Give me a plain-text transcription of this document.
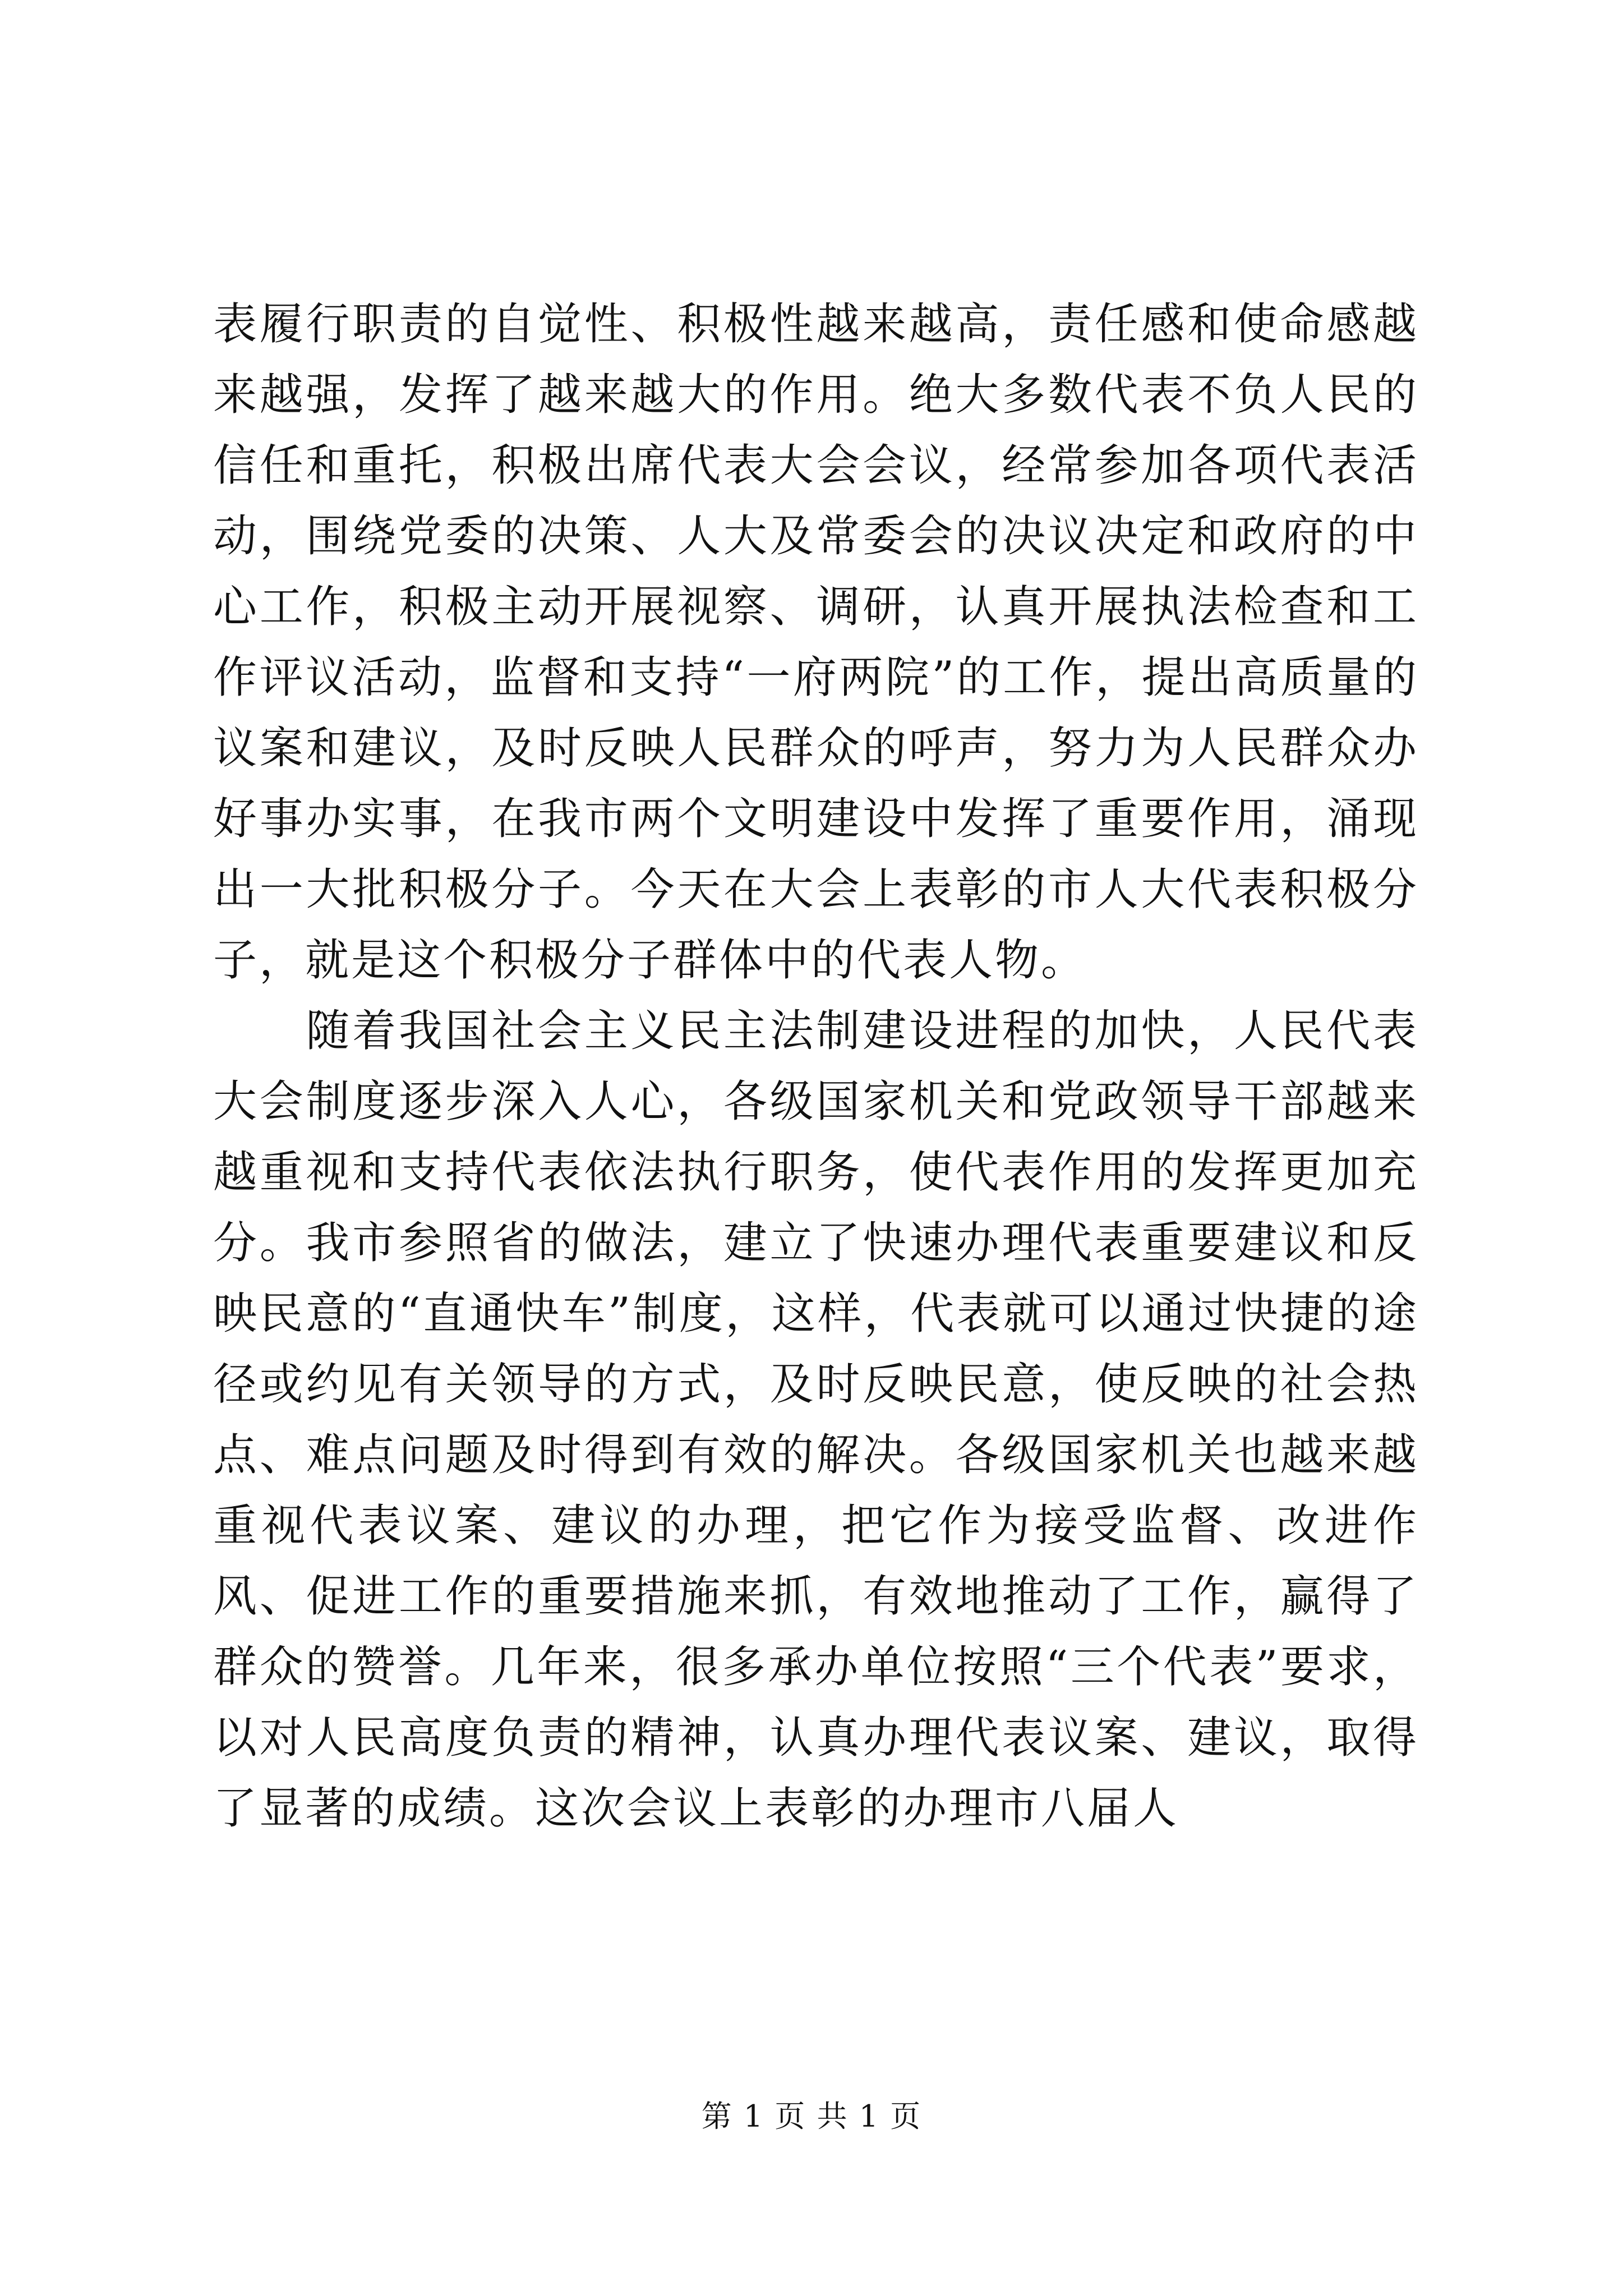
表履行职责的自觉性、积极性越来越高，责任感和使命感越来越强，发挥了越来越大的作用。绝大多数代表不负人民的信任和重托，积极出席代表大会会议，经常参加各项代表活动，围绕党委的决策、人大及常委会的决议决定和政府的中心工作，积极主动开展视察、调研，认真开展执法检查和工作评议活动，监督和支持“一府两院”的工作，提出高质量的议案和建议，及时反映人民群众的呼声，努力为人民群众办好事办实事，在我市两个文明建设中发挥了重要作用，涌现出一大批积极分子。今天在大会上表彰的市人大代表积极分子，就是这个积极分子群体中的代表人物。

　　随着我国社会主义民主法制建设进程的加快，人民代表大会制度逐步深入人心，各级国家机关和党政领导干部越来越重视和支持代表依法执行职务，使代表作用的发挥更加充分。我市参照省的做法，建立了快速办理代表重要建议和反映民意的“直通快车”制度，这样，代表就可以通过快捷的途径或约见有关领导的方式，及时反映民意，使反映的社会热点、难点问题及时得到有效的解决。各级国家机关也越来越重视代表议案、建议的办理，把它作为接受监督、改进作风、促进工作的重要措施来抓，有效地推动了工作，赢得了群众的赞誉。几年来，很多承办单位按照“三个代表”要求，以对人民高度负责的精神，认真办理代表议案、建议，取得了显著的成绩。这次会议上表彰的办理市八届人

第 1 页 共 1 页
